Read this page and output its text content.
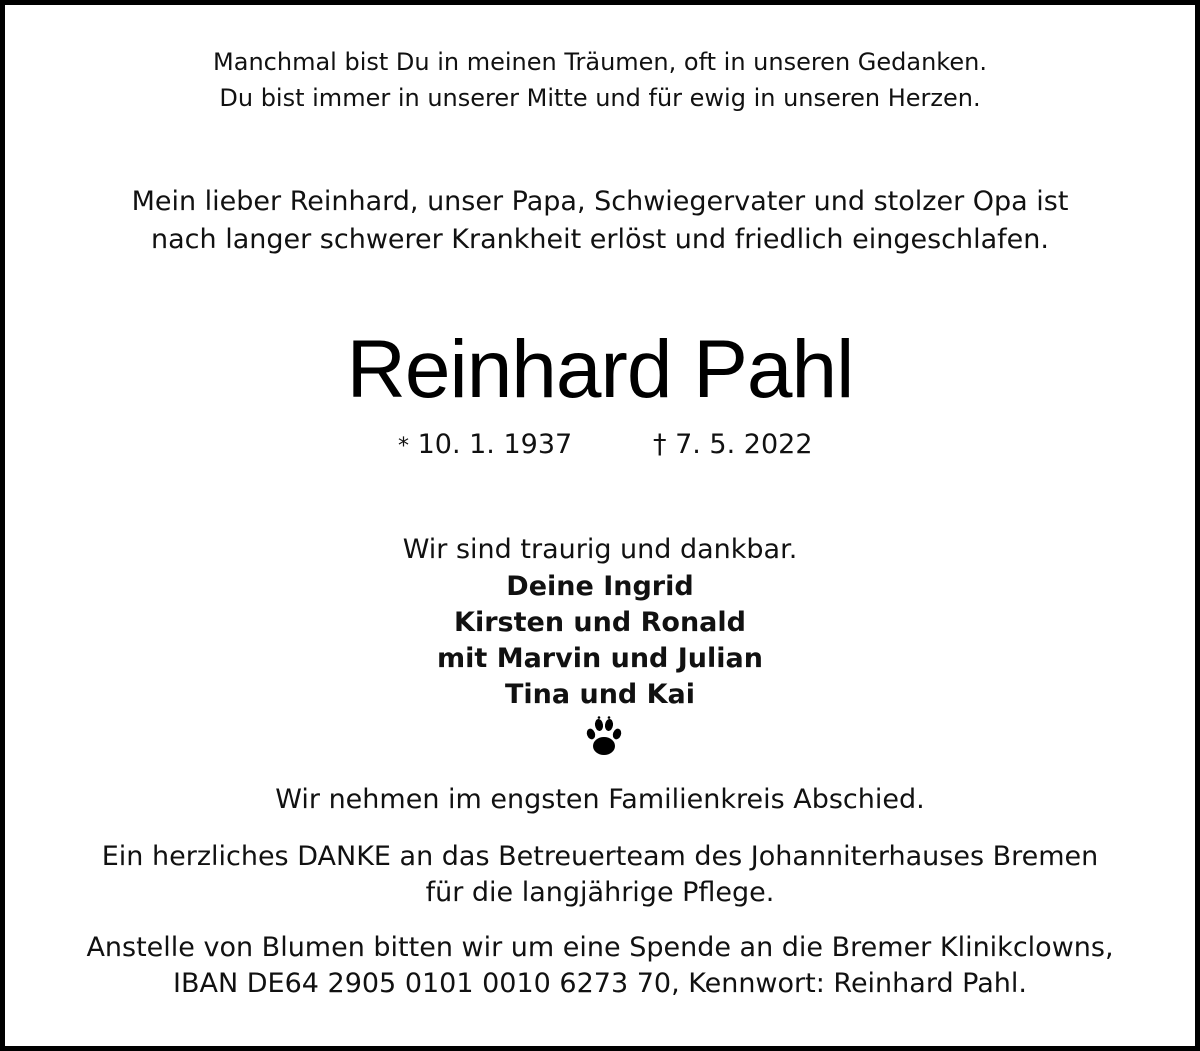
Manchmal bist Du in meinen Träumen, oft in unseren Gedanken.
Du bist immer in unserer Mitte und für ewig in unseren Herzen.
Mein lieber Reinhard, unser Papa, Schwiegervater und stolzer Opa ist
nach langer schwerer Krankheit erlöst und friedlich eingeschlafen.
Reinhard Pahl
* 10. 1. 1937	† 7. 5. 2022
Wir sind traurig und dankbar.
Deine Ingrid
Kirsten und Ronald
mit Marvin und Julian
Tina und Kai
Wir nehmen im engsten Familienkreis Abschied.
Ein herzliches DANKE an das Betreuerteam des Johanniterhauses Bremen
für die langjährige Pflege.
Anstelle von Blumen bitten wir um eine Spende an die Bremer Klinikclowns,
IBAN DE64 2905 0101 0010 6273 70, Kennwort: Reinhard Pahl.
